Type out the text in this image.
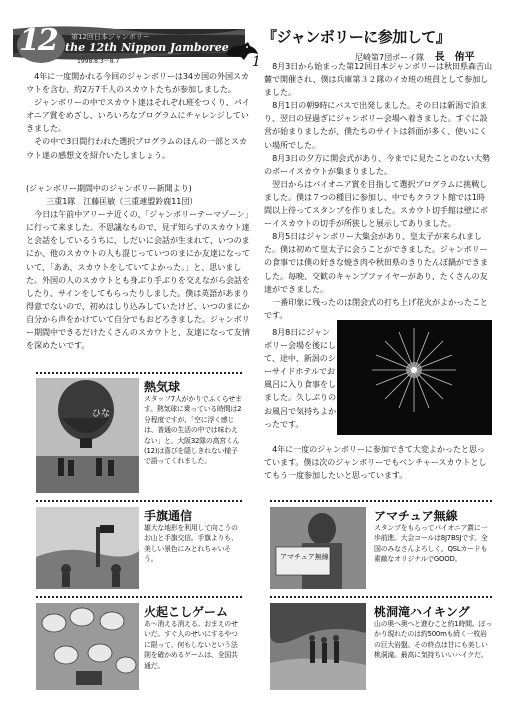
12 第12回日本ジャンボリー
the 12th Nippon Jamboree
1998.8.3〜8.7	1

4年に一度開かれる今回のジャンボリーは34カ国の外国スカウトを含む、約2万7千人のスカウトたちが参加しました。

ジャンボリーの中でスカウト達はそれぞれ班をつくり、パイオニア賞をめざし、いろいろなプログラムにチャレンジしていきました。

その中で3日間行われた選択プログラムのほんの一部とスカウト達の感想文を紹介いたしましょう。

(ジャンボリー期間中のジャンボリー新聞より)

三重1隊　江藤匡敏（三重連盟鈴鹿11団）

今日は午前中アリーナ近くの、「ジャンボリーテーマゾーン」に行って来ました。不思議なもので、見ず知らずのスカウト達と会話をしているうちに、しだいに会話が生まれて、いつのまにか、他のスカウトの人も混じっていつのまにか友達になっていて、「ああ、スカウトをしていてよかった。」と、思いました。外国の人のスカウトとも身ぶり手ぶりを交えながら会話をしたり、サインをしてもらったりしました。僕は英語があまり得意でないので、初めはしり込みしていたけど、いつのまにか自分から声をかけていて自分でもおどろきました。ジャンボリー期間中できるだけたくさんのスカウトと、友達になって友情を深めたいです。

『ジャンボリーに参加して』
尼崎第7団ボーイ隊 長　侑平

8月3日から始まった第12回日本ジャンボリーは秋田県森吉山麓で開催され、僕は兵庫第３２隊のイカ班の班員として参加しました。

8月1日の朝9時にバスで出発しました。その日は新潟で泊まり、翌日の昼過ぎにジャンボリー会場へ着きました。すぐに設営が始まりましたが、僕たちのサイトは斜面が多く、使いにくい場所でした。

8月3日の夕方に開会式があり、今までに見たことのない大勢のボーイスカウトが集まりました。

翌日からはパイオニア賞を目指して選択プログラムに挑戦しました。僕は７つの種目に参加し、中でもクラフト館では1時間以上待ってスタンプを作りました。スカウト切手館は壁にボーイスカウトの切手が所狭しと展示してありました。

8月5日はジャンボリー大集会があり、皇太子が来られました。僕は初めて皇太子に会うことができました。ジャンボリーの食事では僕の好きな焼き肉や秋田県のきりたんぽ鍋ができました。毎晩、交歓のキャンプファイヤーがあり、たくさんの友達ができました。

一番印象に残ったのは閉会式の打ち上げ花火がよかったことです。

8月8日にジャンボリー会場を後にして、途中、新潟のシーサイドホテルでお風呂に入り食事をしました。久しぶりのお風呂で気持ちよかったです。

4年に一度のジャンボリーに参加できて大変よかったと思っています。僕は次のジャンボリーでもベンチャースカウトとしてもう一度参加したいと思っています。

ひな
熱気球
スタッフ7人がかりでふくらせます。熱気球に乗っている時間は2分程度ですが、「空に浮く感じは、普通の生活の中では味わえない」と、大阪32隊の高宮くん(12)は喜びを隠しきれない様子で語ってくれました。
手旗通信
雄大な地形を利用して向こうのお山と手旗交信。手旗よりも、美しい景色にみとれちゃいそう。	アマチュア無線
アマチュア無線
スタンプをもらってパイオニア賞に一歩前進。大会コールは8J7BSJです。全国のみなさんよろしく。QSLカードも素敵なオリジナルでGOOD。
火起こしゲーム
あ〜消える消える。おまえのせいだ。すぐ人のせいにするやつに限って、何もしないという法則を確かめるゲームは、全国共通だ。
桃洞滝ハイキング
山の奥へ奥へと進むこと約1時間。ぽっかり現れたのは約500mも続く一枚岩の巨大岩盤。その終点は甘にも美しい桃洞滝。最高に気持ちいいハイクだ。
